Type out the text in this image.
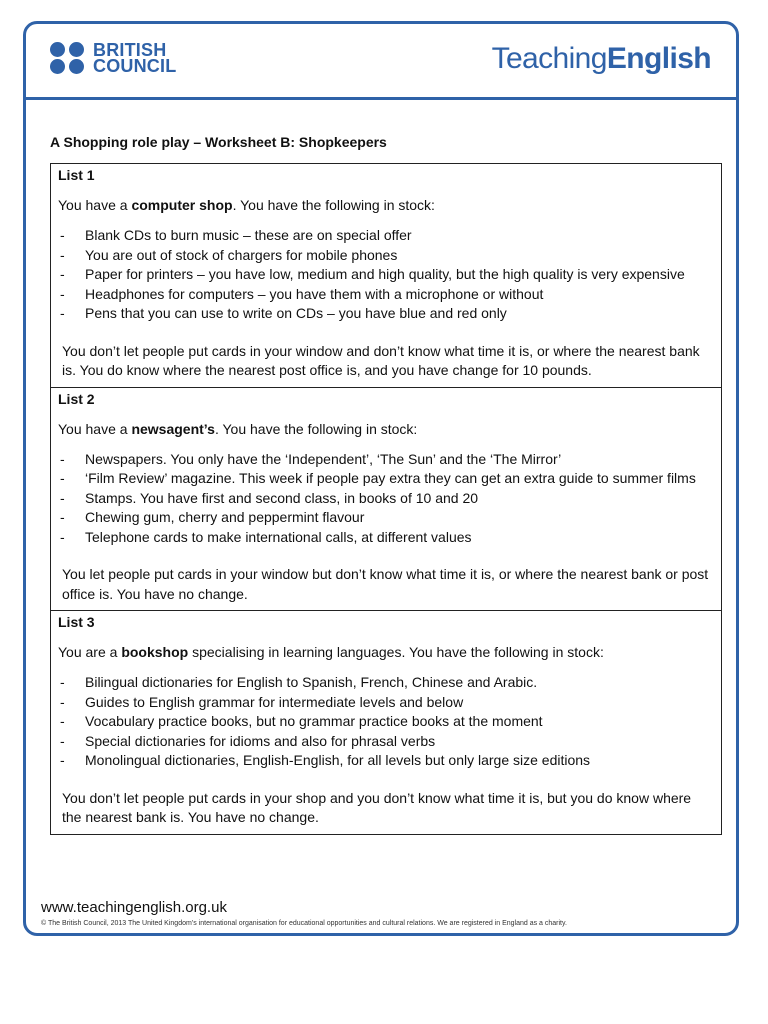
BRITISH
COUNCIL	TeachingEnglish
A Shopping role play – Worksheet B: Shopkeepers
List 1
You have a computer shop. You have the following in stock:
- Blank CDs to burn music – these are on special offer
- You are out of stock of chargers for mobile phones
- Paper for printers – you have low, medium and high quality, but the high quality is very expensive
- Headphones for computers – you have them with a microphone or without
- Pens that you can use to write on CDs – you have blue and red only
You don’t let people put cards in your window and don’t know what time it is, or where the nearest bank is. You do know where the nearest post office is, and you have change for 10 pounds.
List 2
You have a newsagent’s. You have the following in stock:
- Newspapers. You only have the ‘Independent’, ‘The Sun’ and the ‘The Mirror’
- ‘Film Review’ magazine. This week if people pay extra they can get an extra guide to summer films
- Stamps. You have first and second class, in books of 10 and 20
- Chewing gum, cherry and peppermint flavour
- Telephone cards to make international calls, at different values
You let people put cards in your window but don’t know what time it is, or where the nearest bank or post office is. You have no change.
List 3
You are a bookshop specialising in learning languages. You have the following in stock:
- Bilingual dictionaries for English to Spanish, French, Chinese and Arabic.
- Guides to English grammar for intermediate levels and below
- Vocabulary practice books, but no grammar practice books at the moment
- Special dictionaries for idioms and also for phrasal verbs
- Monolingual dictionaries, English-English, for all levels but only large size editions
You don’t let people put cards in your shop and you don’t know what time it is, but you do know where the nearest bank is. You have no change.
www.teachingenglish.org.uk
© The British Council, 2013 The United Kingdom’s international organisation for educational opportunities and cultural relations. We are registered in England as a charity.
